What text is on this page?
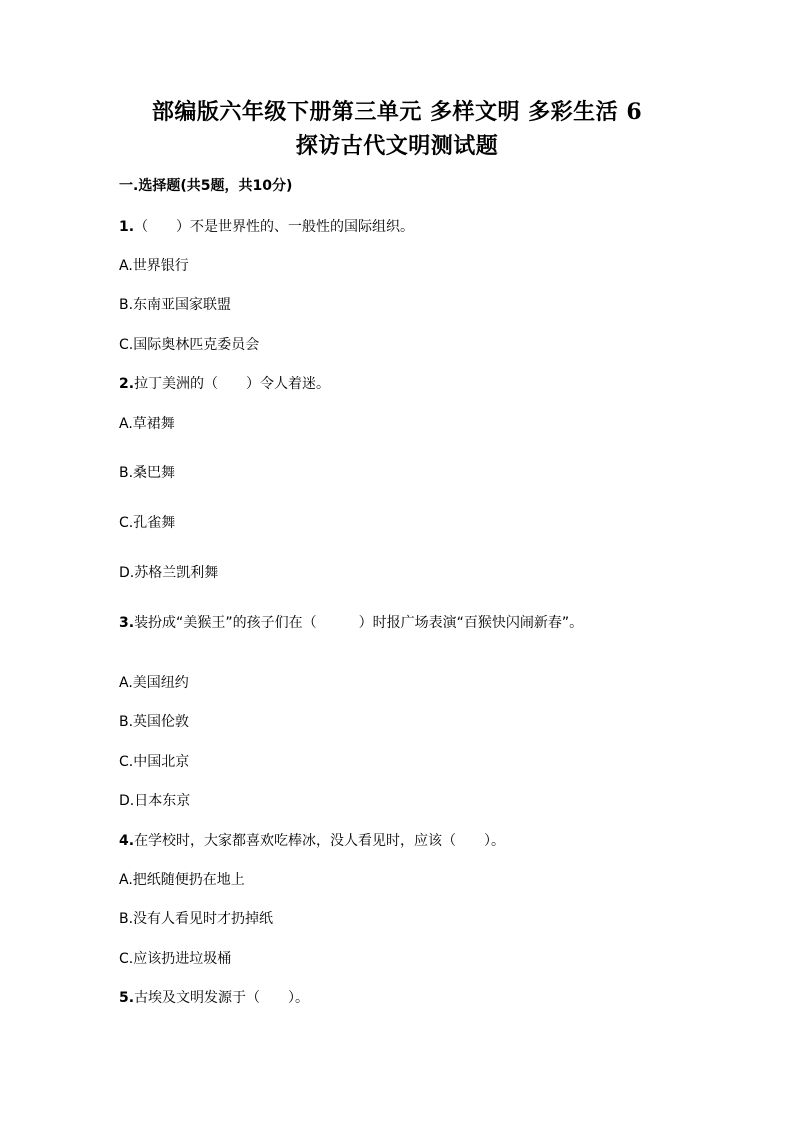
部编版六年级下册第三单元 多样文明 多彩生活 6
探访古代文明测试题
一.选择题(共5题，共10分)
1.（　　）不是世界性的、一般性的国际组织。
A.世界银行
B.东南亚国家联盟
C.国际奥林匹克委员会
2.拉丁美洲的（　　）令人着迷。
A.草裙舞
B.桑巴舞
C.孔雀舞
D.苏格兰凯利舞
3.装扮成“美猴王”的孩子们在（　　　）时报广场表演“百猴快闪闹新春”。
A.美国纽约
B.英国伦敦
C.中国北京
D.日本东京
4.在学校时，大家都喜欢吃棒冰，没人看见时，应该（　　）。
A.把纸随便扔在地上
B.没有人看见时才扔掉纸
C.应该扔进垃圾桶
5.古埃及文明发源于（　　）。
